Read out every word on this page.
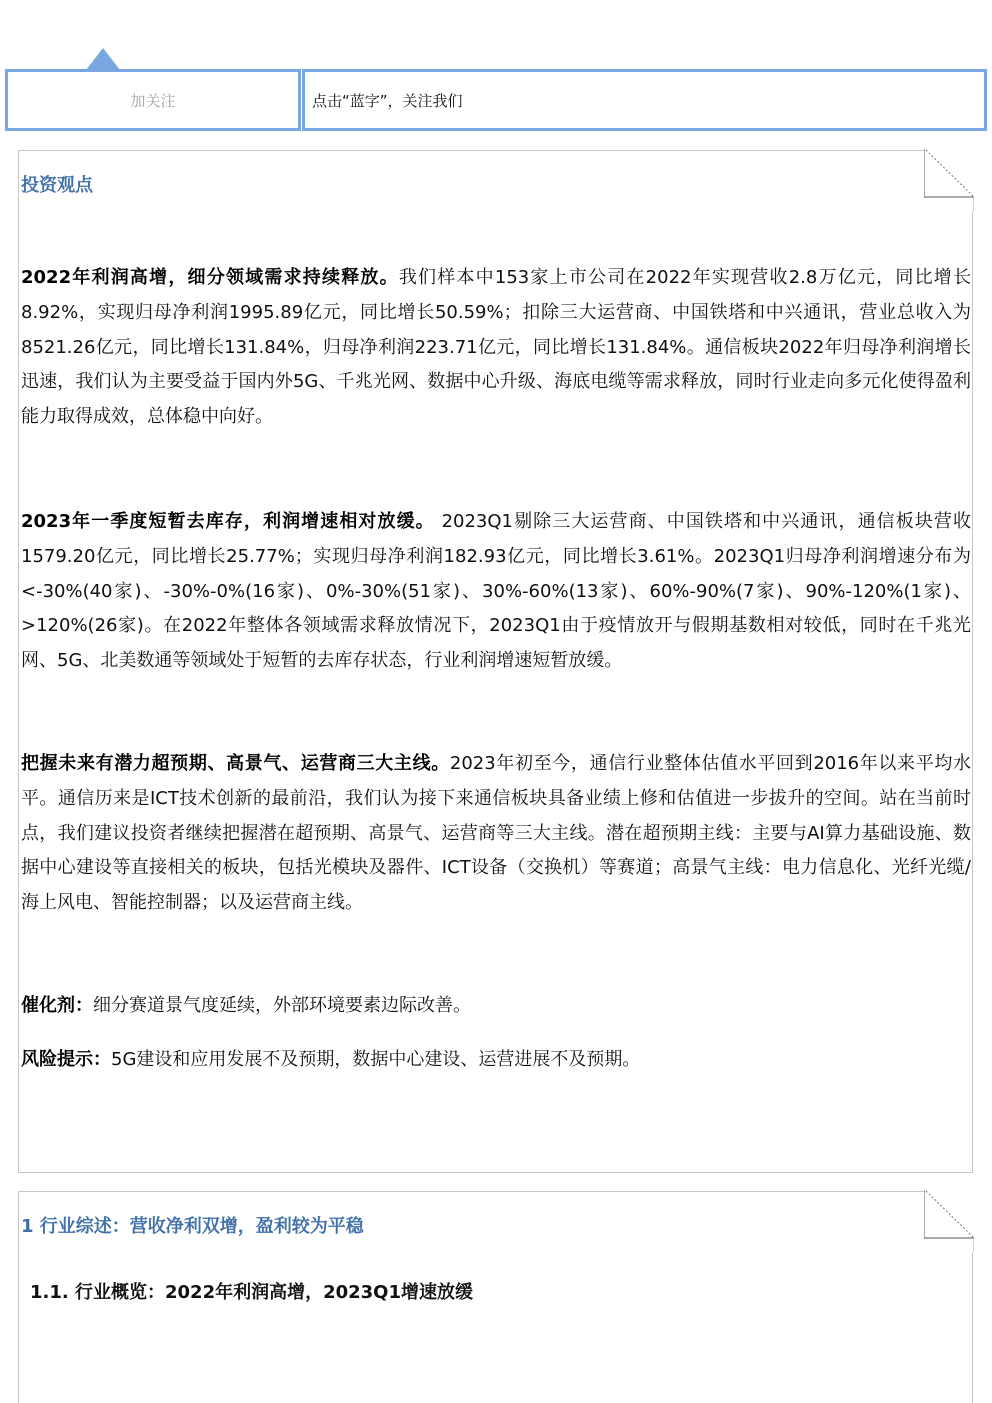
加关注	点击“蓝字”，关注我们
投资观点
2022年利润高增，细分领域需求持续释放。我们样本中153家上市公司在2022年实现营收2.8万亿元，同比增长8.92%，实现归母净利润1995.89亿元，同比增长50.59%；扣除三大运营商、中国铁塔和中兴通讯，营业总收入为8521.26亿元，同比增长131.84%，归母净利润223.71亿元，同比增长131.84%。通信板块2022年归母净利润增长迅速，我们认为主要受益于国内外5G、千兆光网、数据中心升级、海底电缆等需求释放，同时行业走向多元化使得盈利能力取得成效，总体稳中向好。
2023年一季度短暂去库存，利润增速相对放缓。 2023Q1剔除三大运营商、中国铁塔和中兴通讯，通信板块营收1579.20亿元，同比增长25.77%；实现归母净利润182.93亿元，同比增长3.61%。2023Q1归母净利润增速分布为<-30%(40家)、-30%-0%(16家)、0%-30%(51家)、30%-60%(13家)、60%-90%(7家)、90%-120%(1家)、>120%(26家)。在2022年整体各领域需求释放情况下，2023Q1由于疫情放开与假期基数相对较低，同时在千兆光网、5G、北美数通等领域处于短暂的去库存状态，行业利润增速短暂放缓。
把握未来有潜力超预期、高景气、运营商三大主线。2023年初至今，通信行业整体估值水平回到2016年以来平均水平。通信历来是ICT技术创新的最前沿，我们认为接下来通信板块具备业绩上修和估值进一步拔升的空间。站在当前时点，我们建议投资者继续把握潜在超预期、高景气、运营商等三大主线。潜在超预期主线：主要与AI算力基础设施、数据中心建设等直接相关的板块，包括光模块及器件、ICT设备（交换机）等赛道；高景气主线：电力信息化、光纤光缆/海上风电、智能控制器；以及运营商主线。
催化剂：细分赛道景气度延续，外部环境要素边际改善。
风险提示：5G建设和应用发展不及预期，数据中心建设、运营进展不及预期。
1 行业综述：营收净利双增，盈利较为平稳
1.1. 行业概览：2022年利润高增，2023Q1增速放缓
